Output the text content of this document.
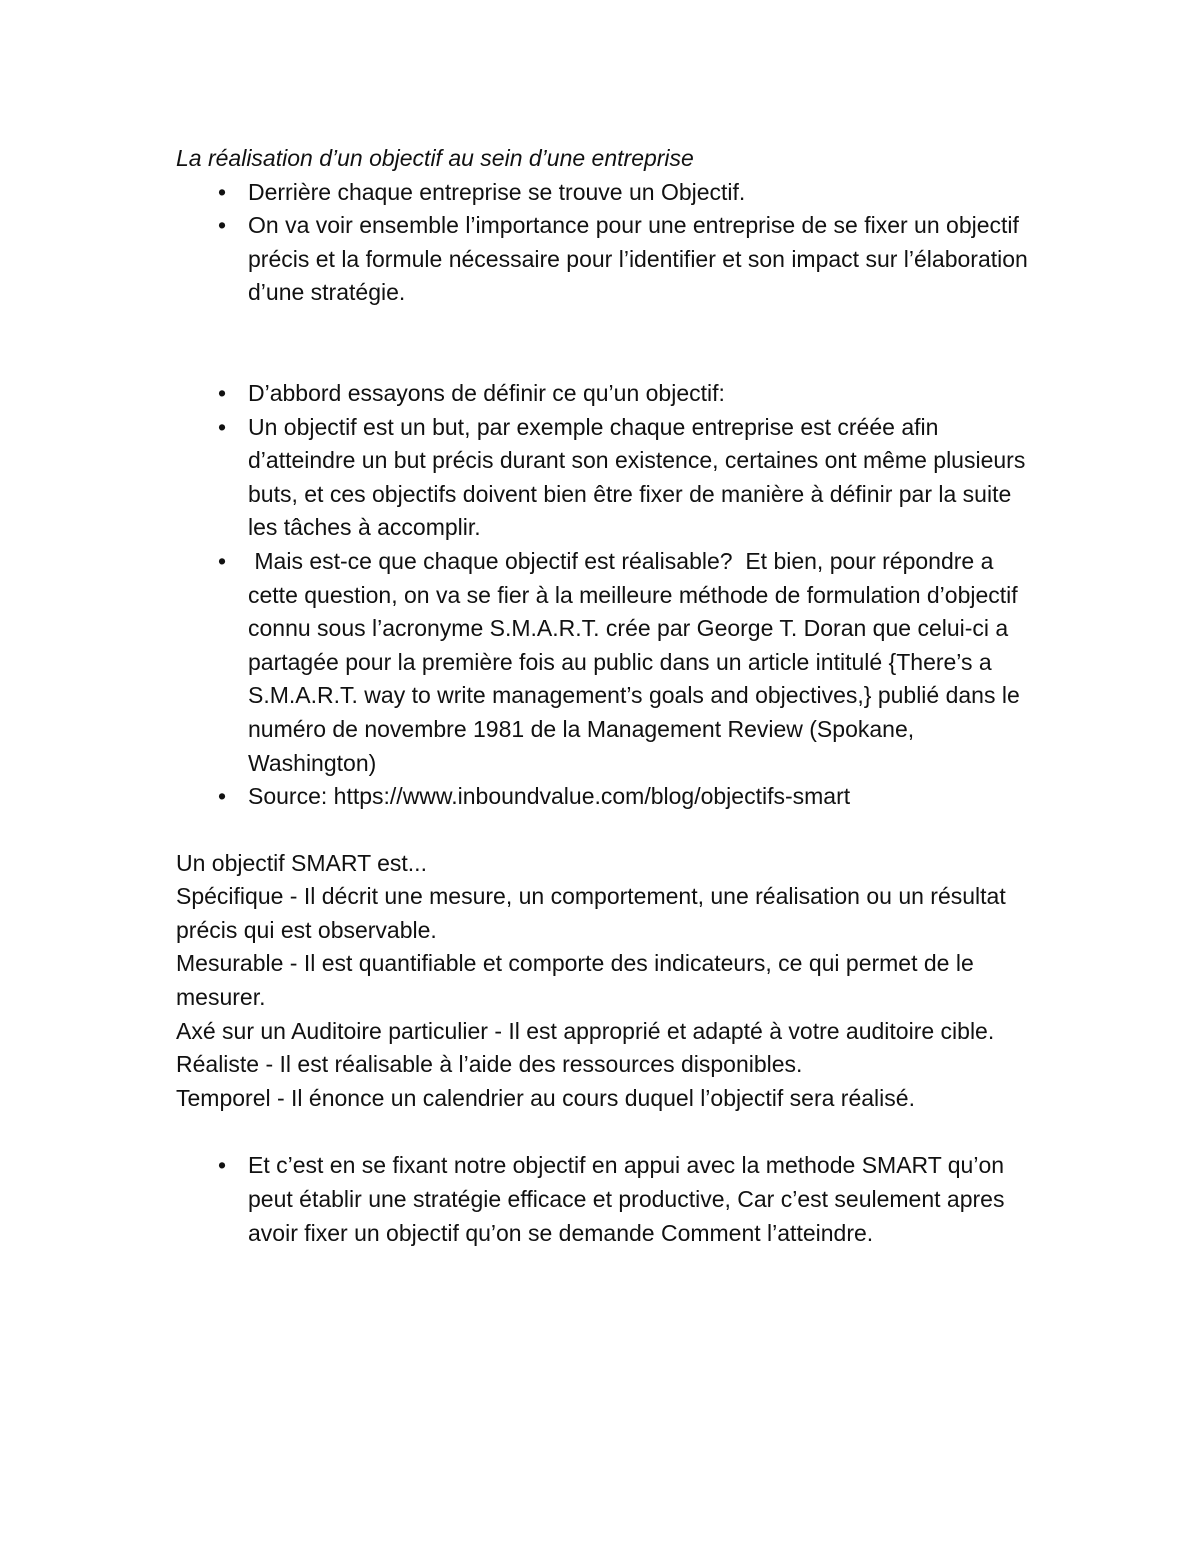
La réalisation d’un objectif au sein d’une entreprise

• Derrière chaque entreprise se trouve un Objectif.
• On va voir ensemble l’importance pour une entreprise de se fixer un objectif précis et la formule nécessaire pour l’identifier et son impact sur l’élaboration d’une stratégie.
• D’abbord essayons de définir ce qu’un objectif:
• Un objectif est un but, par exemple chaque entreprise est créée afin d’atteindre un but précis durant son existence, certaines ont même plusieurs buts, et ces objectifs doivent bien être fixer de manière à définir par la suite les tâches à accomplir.
• Mais est-ce que chaque objectif est réalisable?  Et bien, pour répondre a cette question, on va se fier à la meilleure méthode de formulation d’objectif connu sous l’acronyme S.M.A.R.T. crée par George T. Doran que celui-ci a partagée pour la première fois au public dans un article intitulé {There’s a S.M.A.R.T. way to write management’s goals and objectives,} publié dans le numéro de novembre 1981 de la Management Review (Spokane, Washington)
• Source: https://www.inboundvalue.com/blog/objectifs-smart

Un objectif SMART est...

Spécifique - Il décrit une mesure, un comportement, une réalisation ou un résultat précis qui est observable.

Mesurable - Il est quantifiable et comporte des indicateurs, ce qui permet de le mesurer.

Axé sur un Auditoire particulier - Il est approprié et adapté à votre auditoire cible.

Réaliste - Il est réalisable à l’aide des ressources disponibles.

Temporel - Il énonce un calendrier au cours duquel l’objectif sera réalisé.

• Et c’est en se fixant notre objectif en appui avec la methode SMART qu’on peut établir une stratégie efficace et productive, Car c’est seulement apres avoir fixer un objectif qu’on se demande Comment l’atteindre.
